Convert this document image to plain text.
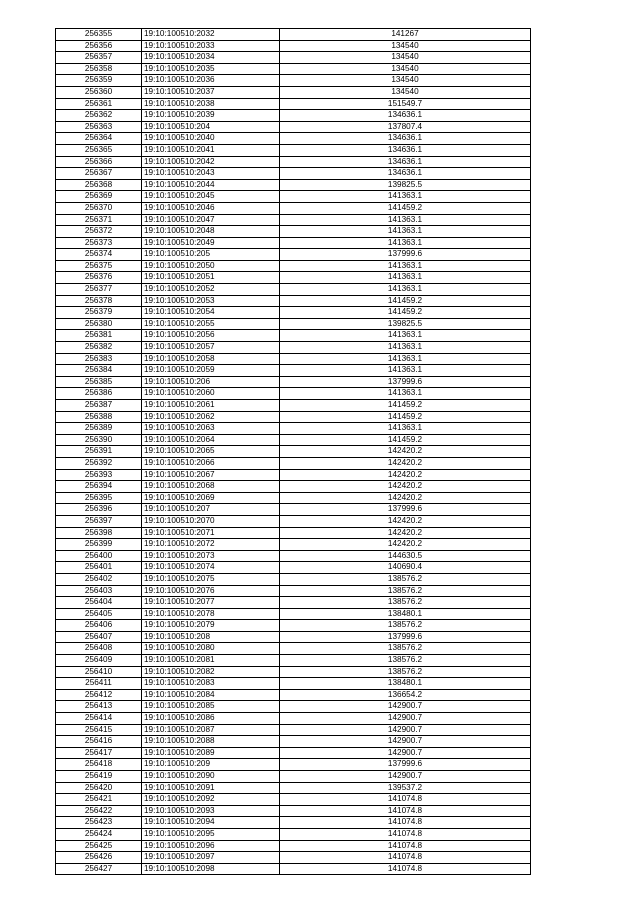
256355	19:10:100510:2032	141267
256356	19:10:100510:2033	134540
256357	19:10:100510:2034	134540
256358	19:10:100510:2035	134540
256359	19:10:100510:2036	134540
256360	19:10:100510:2037	134540
256361	19:10:100510:2038	151549.7
256362	19:10:100510:2039	134636.1
256363	19:10:100510:204	137807.4
256364	19:10:100510:2040	134636.1
256365	19:10:100510:2041	134636.1
256366	19:10:100510:2042	134636.1
256367	19:10:100510:2043	134636.1
256368	19:10:100510:2044	139825.5
256369	19:10:100510:2045	141363.1
256370	19:10:100510:2046	141459.2
256371	19:10:100510:2047	141363.1
256372	19:10:100510:2048	141363.1
256373	19:10:100510:2049	141363.1
256374	19:10:100510:205	137999.6
256375	19:10:100510:2050	141363.1
256376	19:10:100510:2051	141363.1
256377	19:10:100510:2052	141363.1
256378	19:10:100510:2053	141459.2
256379	19:10:100510:2054	141459.2
256380	19:10:100510:2055	139825.5
256381	19:10:100510:2056	141363.1
256382	19:10:100510:2057	141363.1
256383	19:10:100510:2058	141363.1
256384	19:10:100510:2059	141363.1
256385	19:10:100510:206	137999.6
256386	19:10:100510:2060	141363.1
256387	19:10:100510:2061	141459.2
256388	19:10:100510:2062	141459.2
256389	19:10:100510:2063	141363.1
256390	19:10:100510:2064	141459.2
256391	19:10:100510:2065	142420.2
256392	19:10:100510:2066	142420.2
256393	19:10:100510:2067	142420.2
256394	19:10:100510:2068	142420.2
256395	19:10:100510:2069	142420.2
256396	19:10:100510:207	137999.6
256397	19:10:100510:2070	142420.2
256398	19:10:100510:2071	142420.2
256399	19:10:100510:2072	142420.2
256400	19:10:100510:2073	144630.5
256401	19:10:100510:2074	140690.4
256402	19:10:100510:2075	138576.2
256403	19:10:100510:2076	138576.2
256404	19:10:100510:2077	138576.2
256405	19:10:100510:2078	138480.1
256406	19:10:100510:2079	138576.2
256407	19:10:100510:208	137999.6
256408	19:10:100510:2080	138576.2
256409	19:10:100510:2081	138576.2
256410	19:10:100510:2082	138576.2
256411	19:10:100510:2083	138480.1
256412	19:10:100510:2084	136654.2
256413	19:10:100510:2085	142900.7
256414	19:10:100510:2086	142900.7
256415	19:10:100510:2087	142900.7
256416	19:10:100510:2088	142900.7
256417	19:10:100510:2089	142900.7
256418	19:10:100510:209	137999.6
256419	19:10:100510:2090	142900.7
256420	19:10:100510:2091	139537.2
256421	19:10:100510:2092	141074.8
256422	19:10:100510:2093	141074.8
256423	19:10:100510:2094	141074.8
256424	19:10:100510:2095	141074.8
256425	19:10:100510:2096	141074.8
256426	19:10:100510:2097	141074.8
256427	19:10:100510:2098	141074.8
